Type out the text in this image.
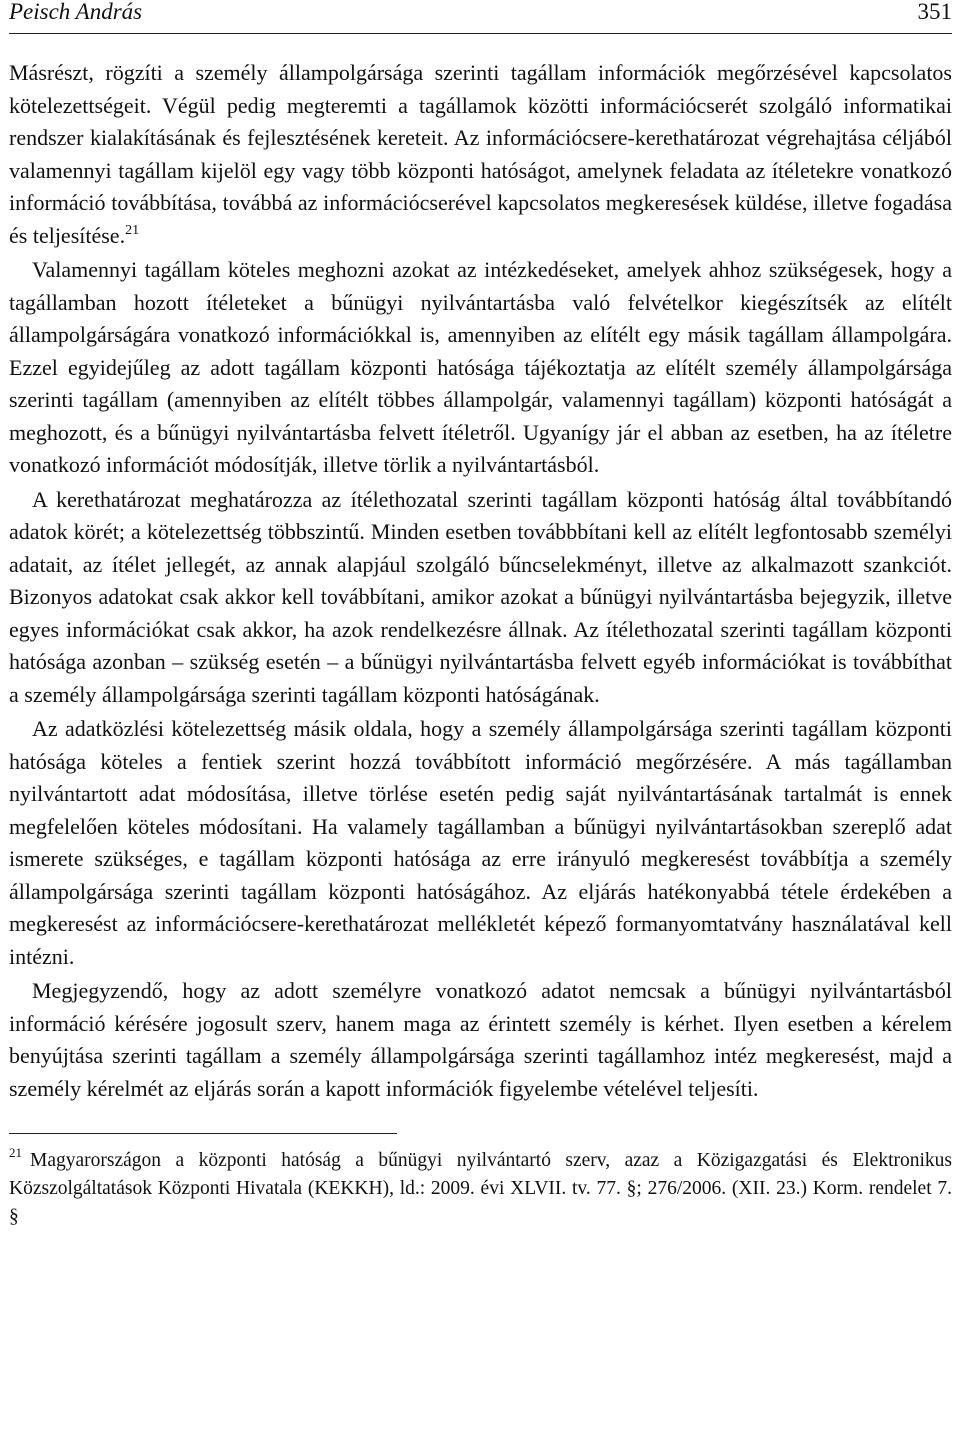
Peisch András	351

Másrészt, rögzíti a személy állampolgársága szerinti tagállam információk megőrzésével kapcsolatos kötelezettségeit. Végül pedig megteremti a tagállamok közötti információcserét szolgáló informatikai rendszer kialakításának és fejlesztésének kereteit. Az információcsere-kerethatározat végrehajtása céljából valamennyi tagállam kijelöl egy vagy több központi hatóságot, amelynek feladata az ítéletekre vonatkozó információ továbbítása, továbbá az információcserével kapcsolatos megkeresések küldése, illetve fogadása és teljesítése.$^{21}$

Valamennyi tagállam köteles meghozni azokat az intézkedéseket, amelyek ahhoz szükségesek, hogy a tagállamban hozott ítéleteket a bűnügyi nyilvántartásba való felvételkor kiegészítsék az elítélt állampolgárságára vonatkozó információkkal is, amennyiben az elítélt egy másik tagállam állampolgára. Ezzel egyidejűleg az adott tagállam központi hatósága tájékoztatja az elítélt személy állampolgársága szerinti tagállam (amennyiben az elítélt többes állampolgár, valamennyi tagállam) központi hatóságát a meghozott, és a bűnügyi nyilvántartásba felvett ítéletről. Ugyanígy jár el abban az esetben, ha az ítéletre vonatkozó információt módosítják, illetve törlik a nyilvántartásból.

A kerethatározat meghatározza az ítélethozatal szerinti tagállam központi hatóság által továbbítandó adatok körét; a kötelezettség többszintű. Minden esetben továbbbítani kell az elítélt legfontosabb személyi adatait, az ítélet jellegét, az annak alapjául szolgáló bűncselekményt, illetve az alkalmazott szankciót. Bizonyos adatokat csak akkor kell továbbítani, amikor azokat a bűnügyi nyilvántartásba bejegyzik, illetve egyes információkat csak akkor, ha azok rendelkezésre állnak. Az ítélethozatal szerinti tagállam központi hatósága azonban – szükség esetén – a bűnügyi nyilvántartásba felvett egyéb információkat is továbbíthat a személy állampolgársága szerinti tagállam központi hatóságának.

Az adatközlési kötelezettség másik oldala, hogy a személy állampolgársága szerinti tagállam központi hatósága köteles a fentiek szerint hozzá továbbított információ megőrzésére. A más tagállamban nyilvántartott adat módosítása, illetve törlése esetén pedig saját nyilvántartásának tartalmát is ennek megfelelően köteles módosítani. Ha valamely tagállamban a bűnügyi nyilvántartásokban szereplő adat ismerete szükséges, e tagállam központi hatósága az erre irányuló megkeresést továbbítja a személy állampolgársága szerinti tagállam központi hatóságához. Az eljárás hatékonyabbá tétele érdekében a megkeresést az információcsere-kerethatározat mellékletét képező formanyomtatvány használatával kell intézni.

Megjegyzendő, hogy az adott személyre vonatkozó adatot nemcsak a bűnügyi nyilvántartásból információ kérésére jogosult szerv, hanem maga az érintett személy is kérhet. Ilyen esetben a kérelem benyújtása szerinti tagállam a személy állampolgársága szerinti tagállamhoz intéz megkeresést, majd a személy kérelmét az eljárás során a kapott információk figyelembe vételével teljesíti.

$^{21}$ Magyarországon a központi hatóság a bűnügyi nyilvántartó szerv, azaz a Közigazgatási és Elektronikus Közszolgáltatások Központi Hivatala (KEKKH), ld.: 2009. évi XLVII. tv. 77. §; 276/2006. (XII. 23.) Korm. rendelet 7. §
